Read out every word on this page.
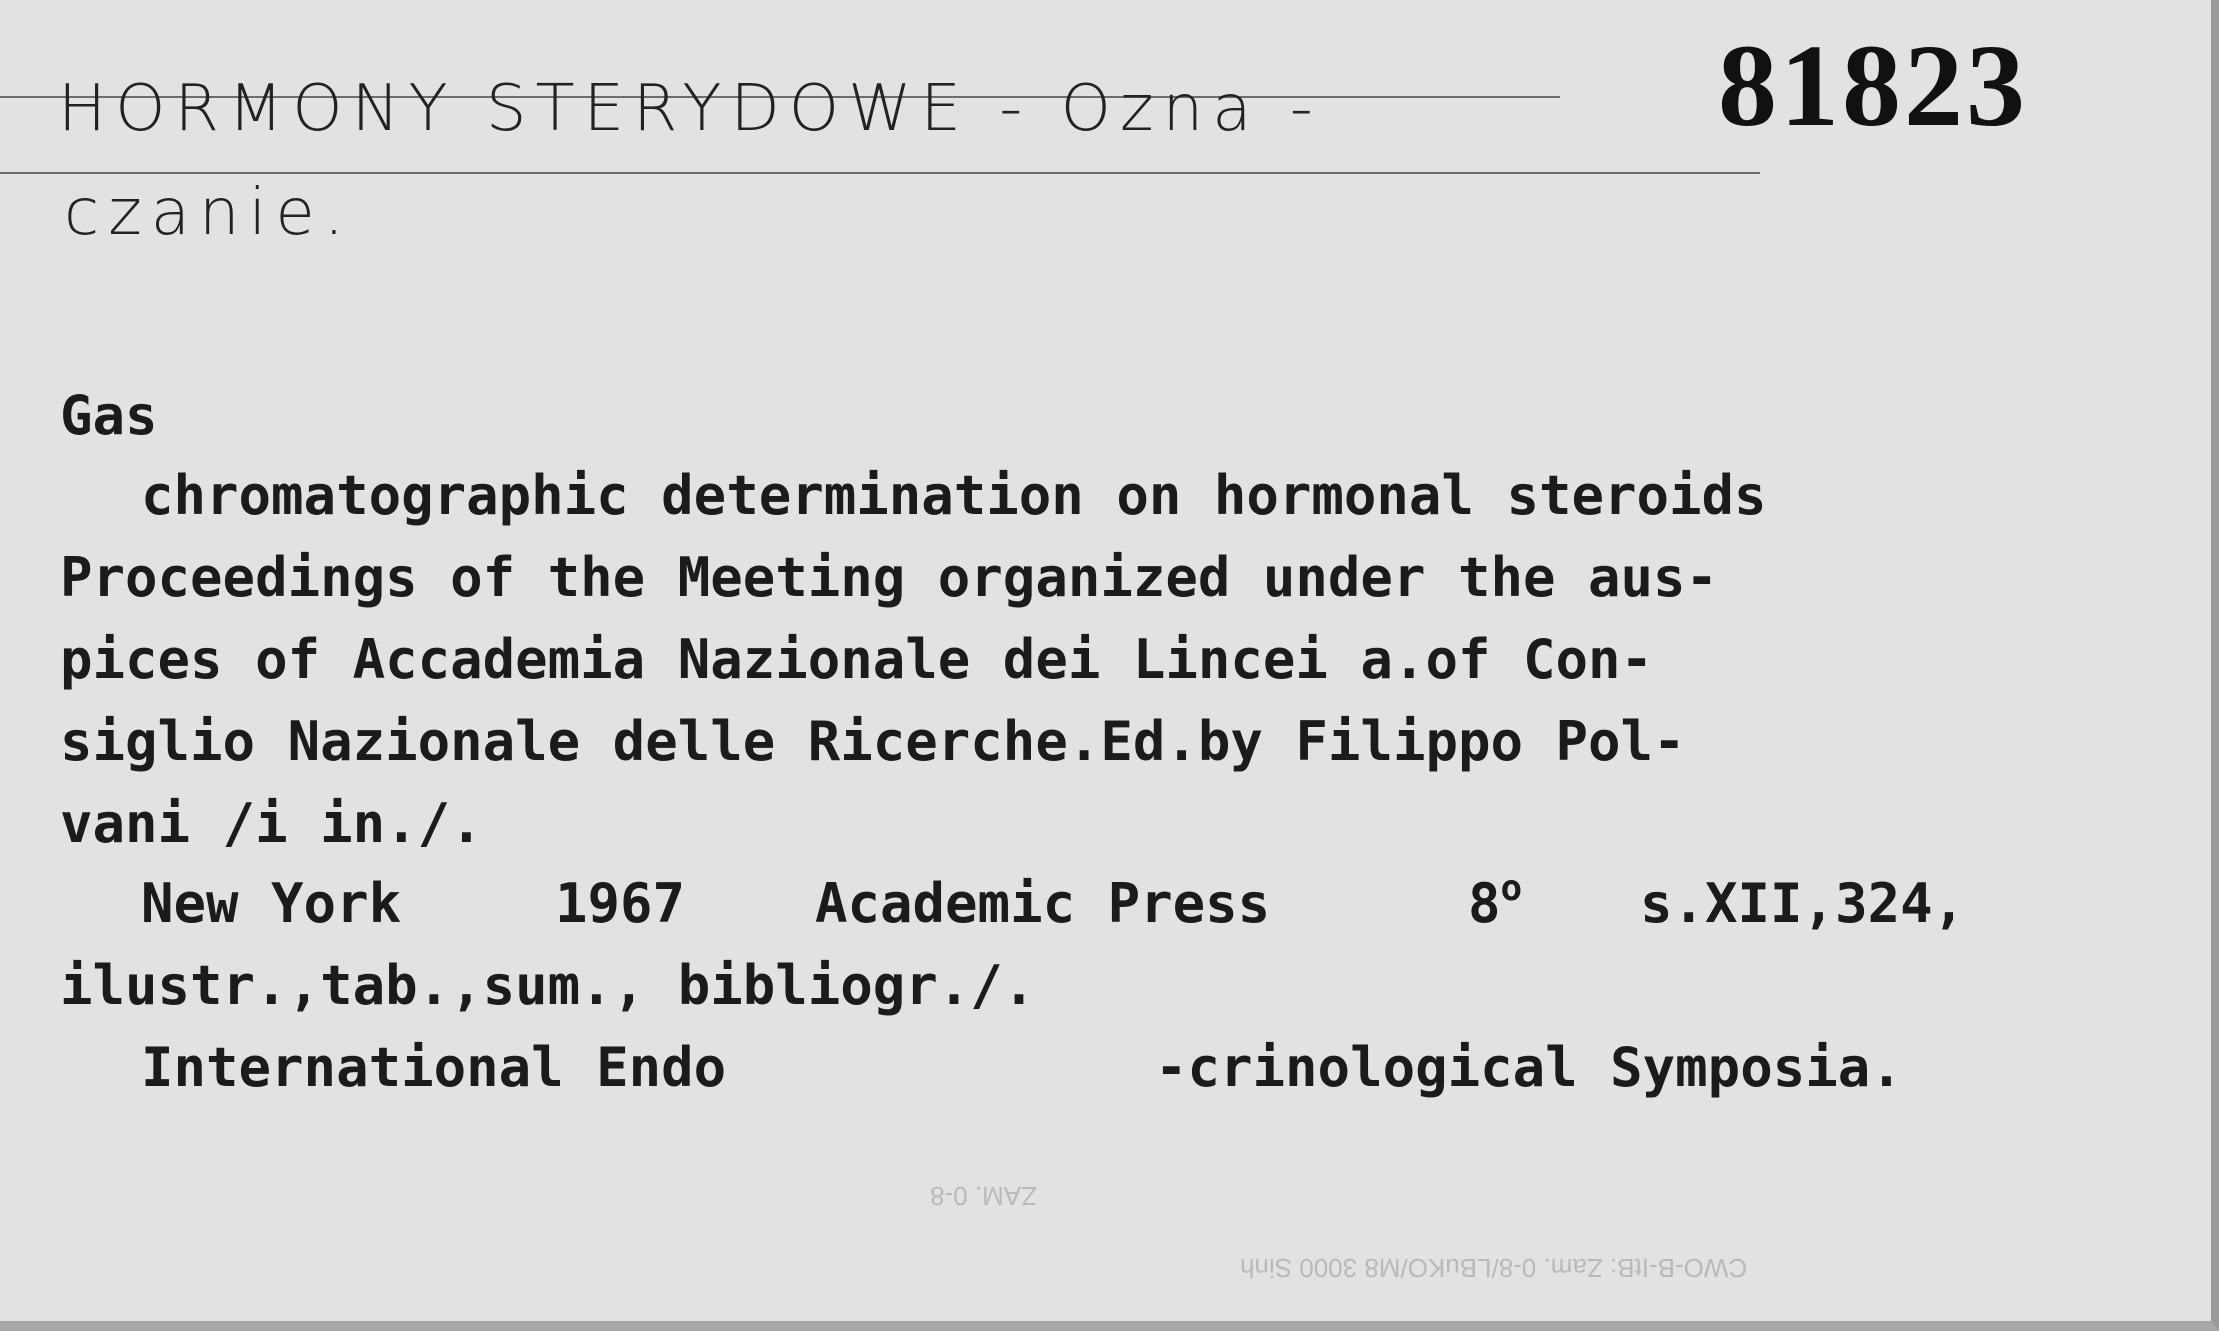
HORMONY STERYDOWE - Ozna -
czanie.
81823
Gas
chromatographic determination on hormonal steroids
Proceedings of the Meeting organized under the aus-
pices of Accademia Nazionale dei Lincei a.of Con-
siglio Nazionale delle Ricerche.Ed.by Filippo Pol-
vani /i in./.
New York	1967 Academic Press	8$^o$ s.XII,324,
ilustr.,tab.,sum., bibliogr./.
International Endo	-crinological Symposia.
CWO-B-ItB: Zam. 0-8/LBuKO/M8 3000 Sinh
ZAM. 0-8
